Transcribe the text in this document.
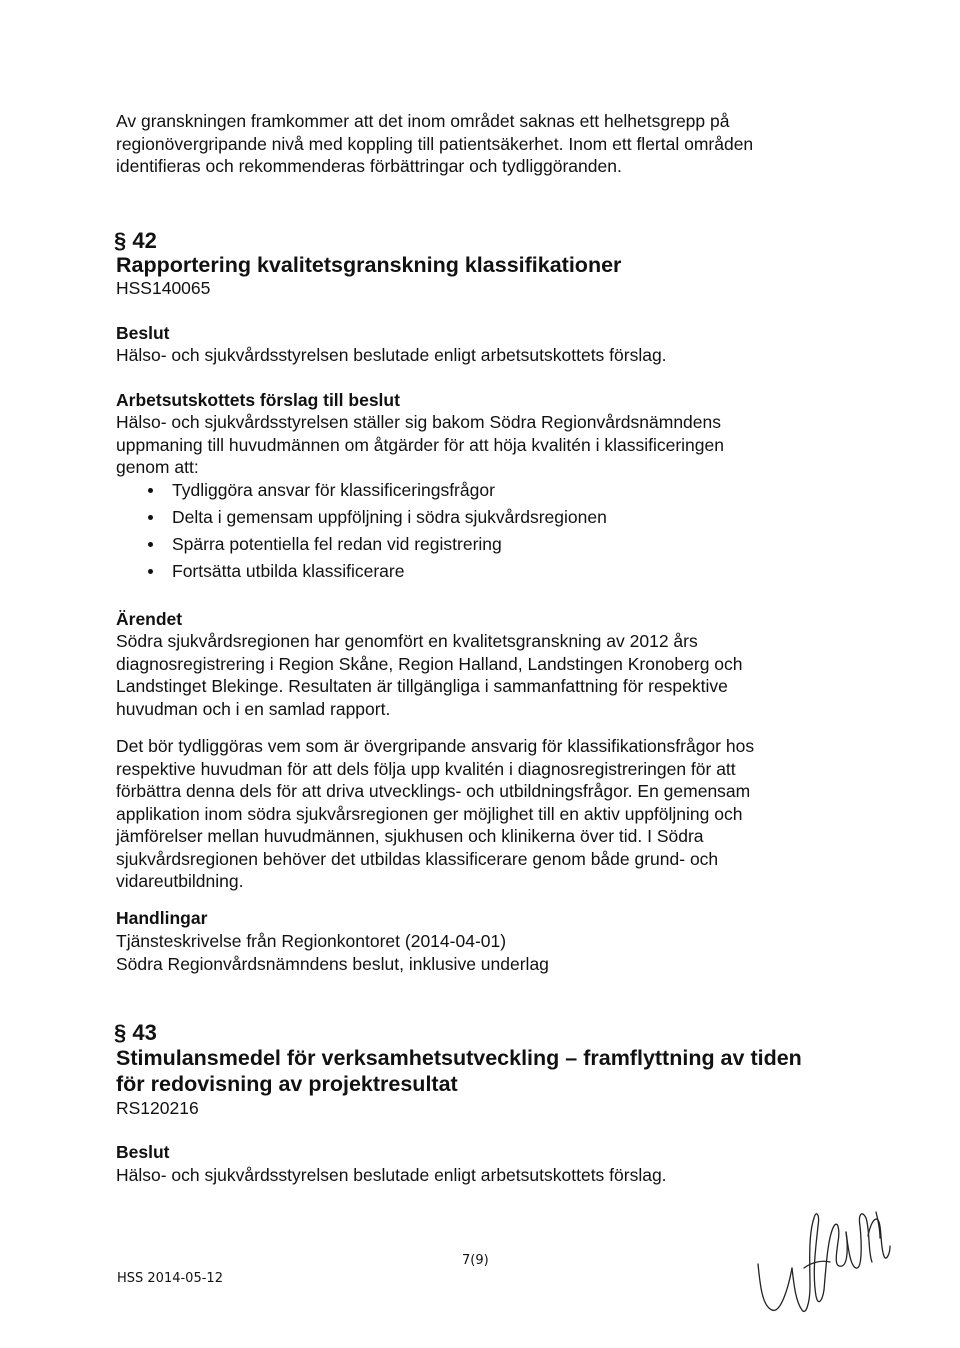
Av granskningen framkommer att det inom området saknas ett helhetsgrepp på
regionövergripande nivå med koppling till patientsäkerhet. Inom ett flertal områden
identifieras och rekommenderas förbättringar och tydliggöranden.
§ 42
Rapportering kvalitetsgranskning klassifikationer
HSS140065
Beslut
Hälso- och sjukvårdsstyrelsen beslutade enligt arbetsutskottets förslag.
Arbetsutskottets förslag till beslut
Hälso- och sjukvårdsstyrelsen ställer sig bakom Södra Regionvårdsnämndens
uppmaning till huvudmännen om åtgärder för att höja kvalitén i klassificeringen
genom att:
Tydliggöra ansvar för klassificeringsfrågor
Delta i gemensam uppföljning i södra sjukvårdsregionen
Spärra potentiella fel redan vid registrering
Fortsätta utbilda klassificerare
Ärendet
Södra sjukvårdsregionen har genomfört en kvalitetsgranskning av 2012 års
diagnosregistrering i Region Skåne, Region Halland, Landstingen Kronoberg och
Landstinget Blekinge. Resultaten är tillgängliga i sammanfattning för respektive
huvudman och i en samlad rapport.
Det bör tydliggöras vem som är övergripande ansvarig för klassifikationsfrågor hos
respektive huvudman för att dels följa upp kvalitén i diagnosregistreringen för att
förbättra denna dels för att driva utvecklings- och utbildningsfrågor. En gemensam
applikation inom södra sjukvårsregionen ger möjlighet till en aktiv uppföljning och
jämförelser mellan huvudmännen, sjukhusen och klinikerna över tid. I Södra
sjukvårdsregionen behöver det utbildas klassificerare genom både grund- och
vidareutbildning.
Handlingar
Tjänsteskrivelse från Regionkontoret (2014-04-01)
Södra Regionvårdsnämndens beslut, inklusive underlag
§ 43
Stimulansmedel för verksamhetsutveckling – framflyttning av tiden
för redovisning av projektresultat
RS120216
Beslut
Hälso- och sjukvårdsstyrelsen beslutade enligt arbetsutskottets förslag.
7(9)
HSS 2014-05-12
